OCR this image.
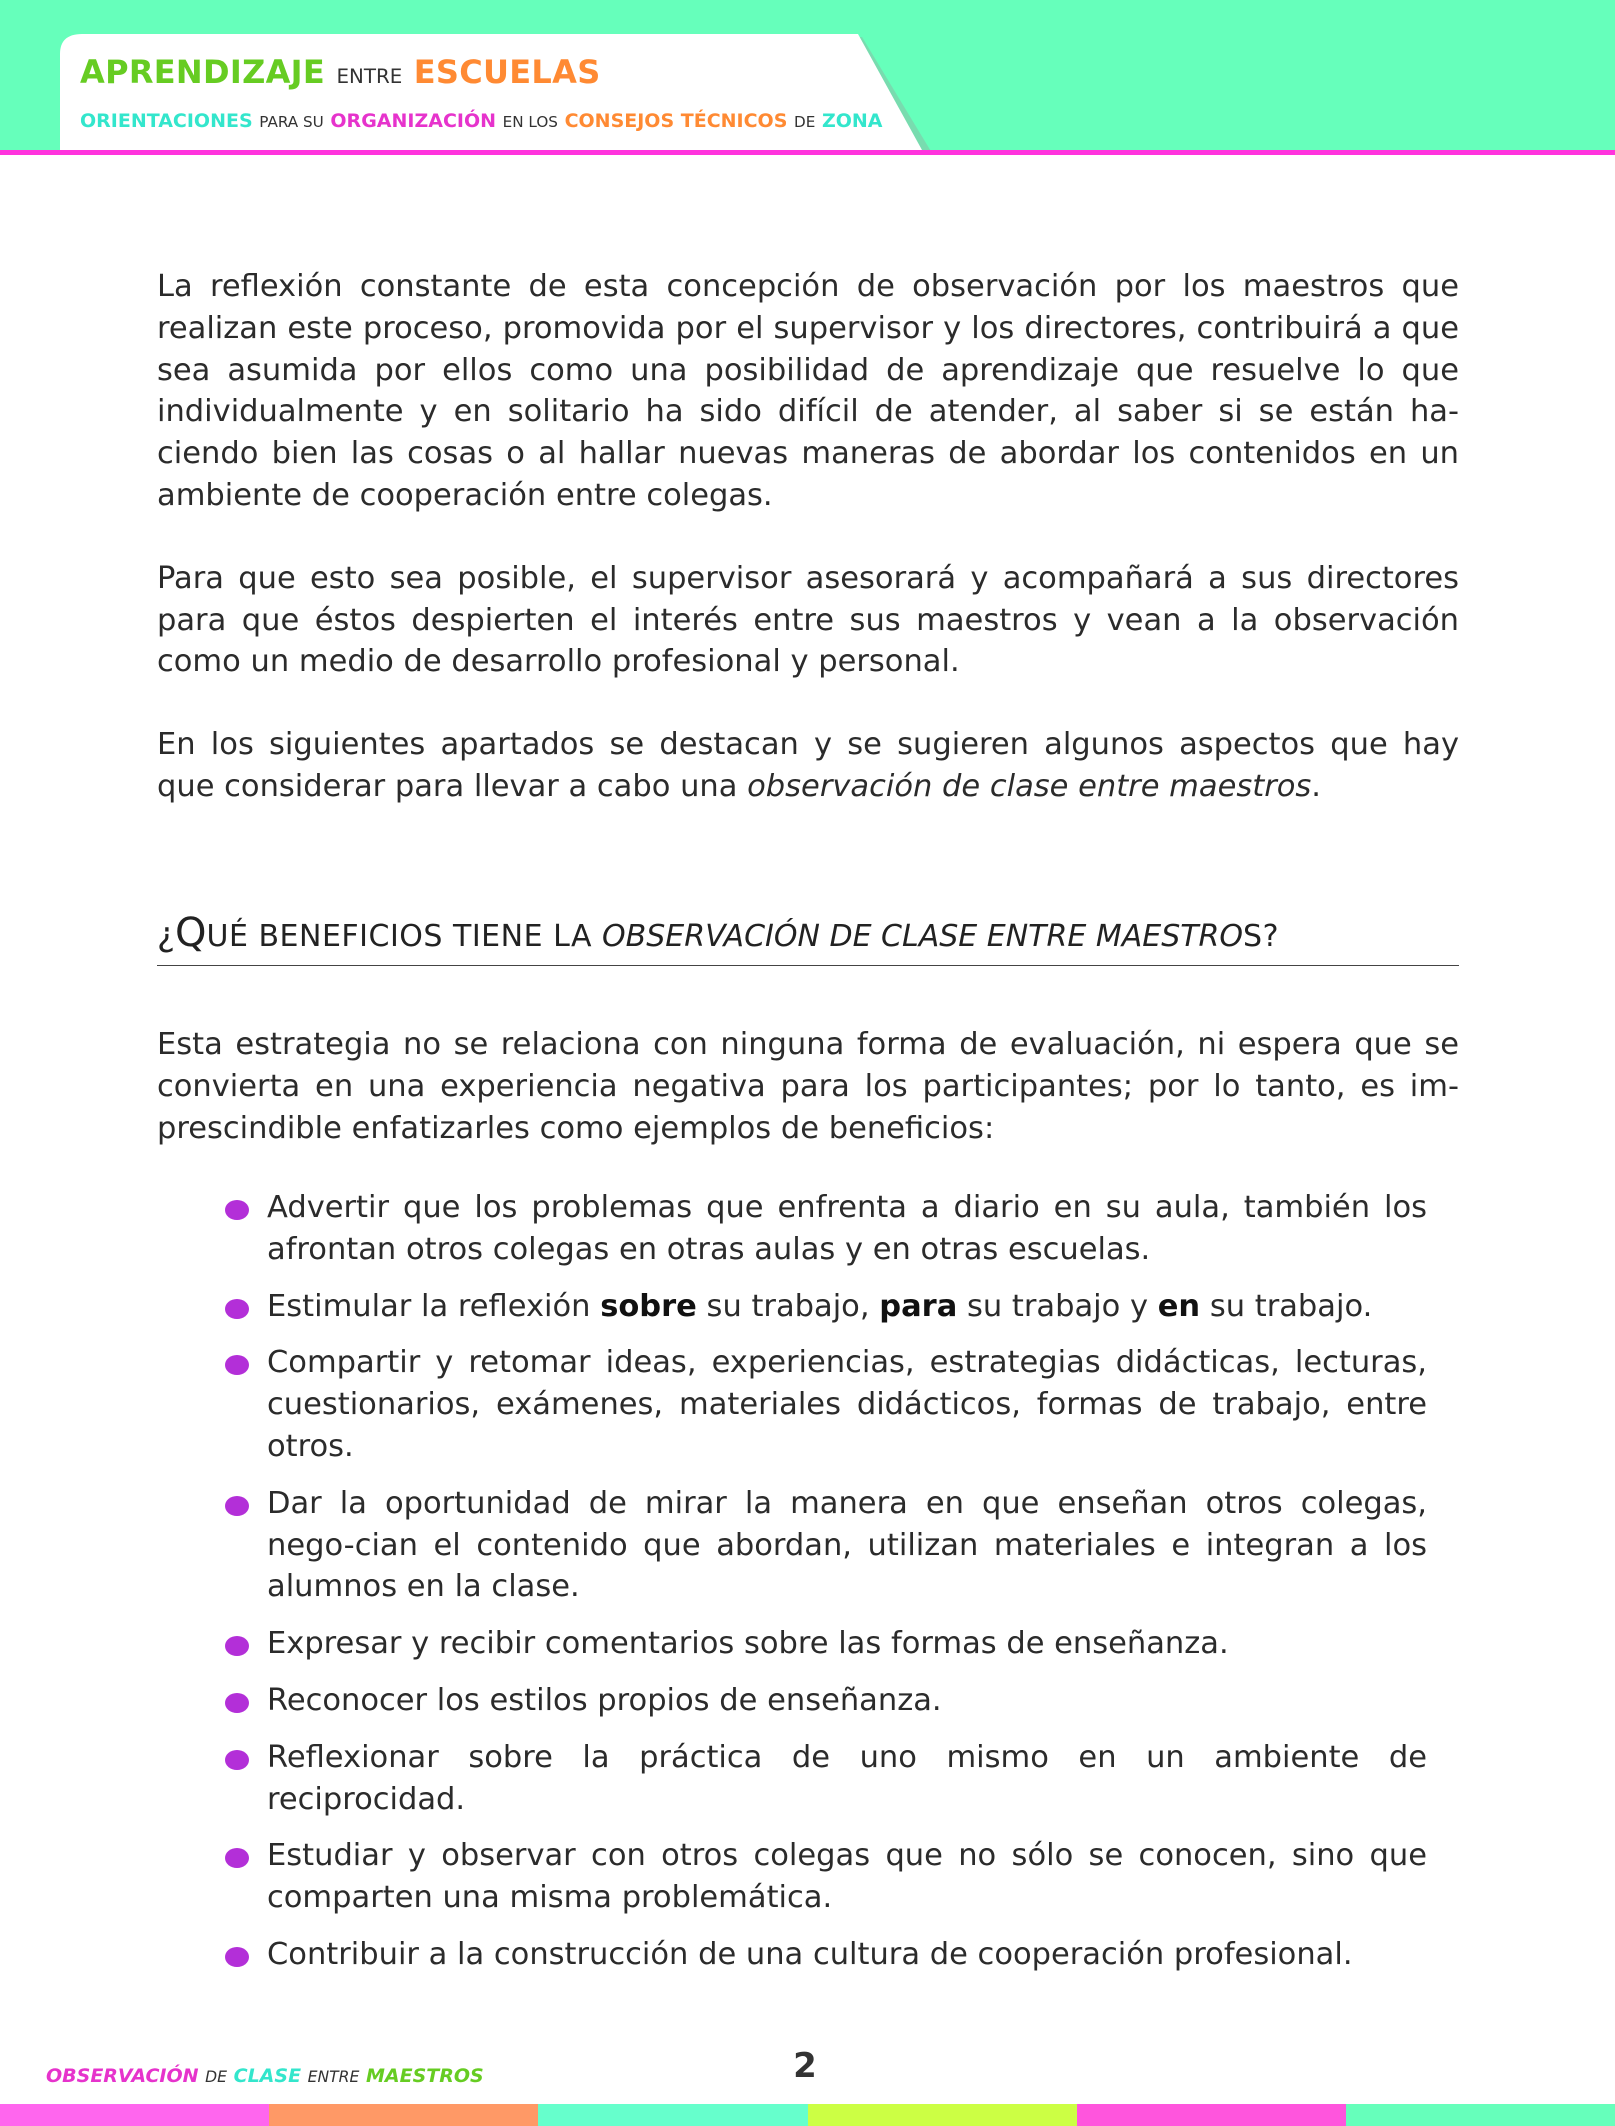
APRENDIZAJE ENTRE ESCUELAS
ORIENTACIONES PARA SU ORGANIZACIÓN EN LOS CONSEJOS TÉCNICOS DE ZONA

La reflexión constante de esta concepción de observación por los maestros que realizan este proceso, promovida por el supervisor y los directores, contribuirá a que sea asumida por ellos como una posibilidad de aprendizaje que resuelve lo que individualmente y en solitario ha sido difícil de atender, al saber si se están ha-ciendo bien las cosas o al hallar nuevas maneras de abordar los contenidos en un ambiente de cooperación entre colegas.

Para que esto sea posible, el supervisor asesorará y acompañará a sus directores para que éstos despierten el interés entre sus maestros y vean a la observación como un medio de desarrollo profesional y personal.

En los siguientes apartados se destacan y se sugieren algunos aspectos que hay que considerar para llevar a cabo una observación de clase entre maestros.

¿QUÉ BENEFICIOS TIENE LA OBSERVACIÓN DE CLASE ENTRE MAESTROS?

Esta estrategia no se relaciona con ninguna forma de evaluación, ni espera que se convierta en una experiencia negativa para los participantes; por lo tanto, es im-prescindible enfatizarles como ejemplos de beneficios:

Advertir que los problemas que enfrenta a diario en su aula, también los afrontan otros colegas en otras aulas y en otras escuelas.
Estimular la reflexión sobre su trabajo, para su trabajo y en su trabajo.
Compartir y retomar ideas, experiencias, estrategias didácticas, lecturas, cuestionarios, exámenes, materiales didácticos, formas de trabajo, entre otros.
Dar la oportunidad de mirar la manera en que enseñan otros colegas, nego-cian el contenido que abordan, utilizan materiales e integran a los alumnos en la clase.
Expresar y recibir comentarios sobre las formas de enseñanza.
Reconocer los estilos propios de enseñanza.
Reflexionar sobre la práctica de uno mismo en un ambiente de reciprocidad.
Estudiar y observar con otros colegas que no sólo se conocen, sino que comparten una misma problemática.
Contribuir a la construcción de una cultura de cooperación profesional.
OBSERVACIÓN DE CLASE ENTRE MAESTROS	2
